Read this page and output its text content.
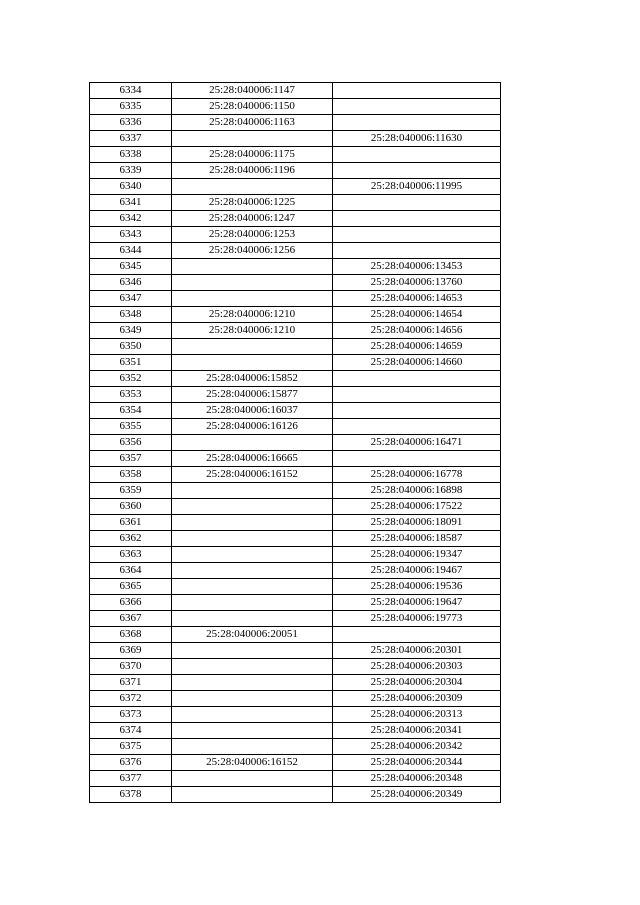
6334	25:28:040006:1147	
6335	25:28:040006:1150	
6336	25:28:040006:1163	
6337		25:28:040006:11630
6338	25:28:040006:1175	
6339	25:28:040006:1196	
6340		25:28:040006:11995
6341	25:28:040006:1225	
6342	25:28:040006:1247	
6343	25:28:040006:1253	
6344	25:28:040006:1256	
6345		25:28:040006:13453
6346		25:28:040006:13760
6347		25:28:040006:14653
6348	25:28:040006:1210	25:28:040006:14654
6349	25:28:040006:1210	25:28:040006:14656
6350		25:28:040006:14659
6351		25:28:040006:14660
6352	25:28:040006:15852	
6353	25:28:040006:15877	
6354	25:28:040006:16037	
6355	25:28:040006:16126	
6356		25:28:040006:16471
6357	25:28:040006:16665	
6358	25:28:040006:16152	25:28:040006:16778
6359		25:28:040006:16898
6360		25:28:040006:17522
6361		25:28:040006:18091
6362		25:28:040006:18587
6363		25:28:040006:19347
6364		25:28:040006:19467
6365		25:28:040006:19536
6366		25:28:040006:19647
6367		25:28:040006:19773
6368	25:28:040006:20051	
6369		25:28:040006:20301
6370		25:28:040006:20303
6371		25:28:040006:20304
6372		25:28:040006:20309
6373		25:28:040006:20313
6374		25:28:040006:20341
6375		25:28:040006:20342
6376	25:28:040006:16152	25:28:040006:20344
6377		25:28:040006:20348
6378		25:28:040006:20349
